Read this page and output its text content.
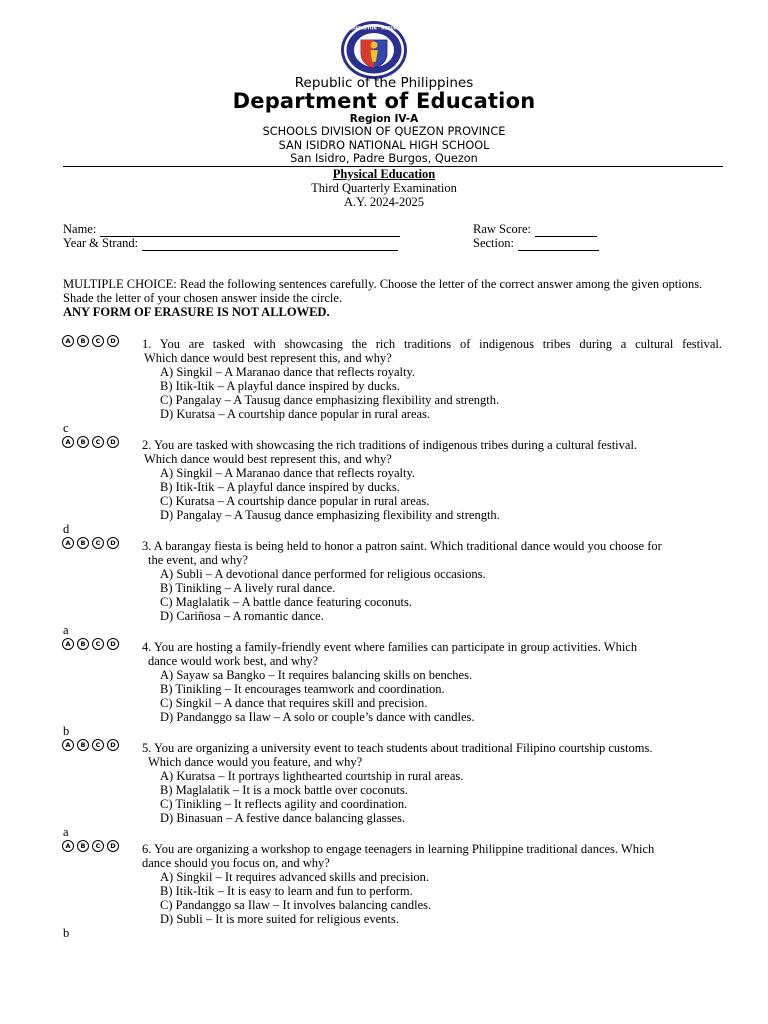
KAGAWARAN NG EDUKASYON · REPUBLIKA NG PILIPINAS
Republic of the Philippines
Department of Education
Region IV-A
SCHOOLS DIVISION OF QUEZON PROVINCE
SAN ISIDRO NATIONAL HIGH SCHOOL
San Isidro, Padre Burgos, Quezon
Physical Education
Third Quarterly Examination
A.Y. 2024-2025
Name:
Year & Strand:
Raw Score:
Section:
MULTIPLE CHOICE: Read the following sentences carefully. Choose the letter of the correct answer among the given options. Shade the letter of your chosen answer inside the circle.
ANY FORM OF ERASURE IS NOT ALLOWED.
A	B	C	D 1. You are tasked with showcasing the rich traditions of indigenous tribes during a cultural festival.
Which dance would best represent this, and why?
A) Singkil – A Maranao dance that reflects royalty.
B) Itik-Itik – A playful dance inspired by ducks.
C) Pangalay – A Tausug dance emphasizing flexibility and strength.
D) Kuratsa – A courtship dance popular in rural areas.
c
A	B	C	D 2. You are tasked with showcasing the rich traditions of indigenous tribes during a cultural festival.
Which dance would best represent this, and why?
A) Singkil – A Maranao dance that reflects royalty.
B) Itik-Itik – A playful dance inspired by ducks.
C) Kuratsa – A courtship dance popular in rural areas.
D) Pangalay – A Tausug dance emphasizing flexibility and strength.
d
A	B	C	D 3. A barangay fiesta is being held to honor a patron saint. Which traditional dance would you choose for
the event, and why?
A) Subli – A devotional dance performed for religious occasions.
B) Tinikling – A lively rural dance.
C) Maglalatik – A battle dance featuring coconuts.
D) Cariñosa – A romantic dance.
a
A	B	C	D 4. You are hosting a family-friendly event where families can participate in group activities. Which
dance would work best, and why?
A) Sayaw sa Bangko – It requires balancing skills on benches.
B) Tinikling – It encourages teamwork and coordination.
C) Singkil – A dance that requires skill and precision.
D) Pandanggo sa Ilaw – A solo or couple’s dance with candles.
b
A	B	C	D 5. You are organizing a university event to teach students about traditional Filipino courtship customs.
Which dance would you feature, and why?
A) Kuratsa – It portrays lighthearted courtship in rural areas.
B) Maglalatik – It is a mock battle over coconuts.
C) Tinikling – It reflects agility and coordination.
D) Binasuan – A festive dance balancing glasses.
a
A	B	C	D 6. You are organizing a workshop to engage teenagers in learning Philippine traditional dances. Which
dance should you focus on, and why?
A) Singkil – It requires advanced skills and precision.
B) Itik-Itik – It is easy to learn and fun to perform.
C) Pandanggo sa Ilaw – It involves balancing candles.
D) Subli – It is more suited for religious events.
b
